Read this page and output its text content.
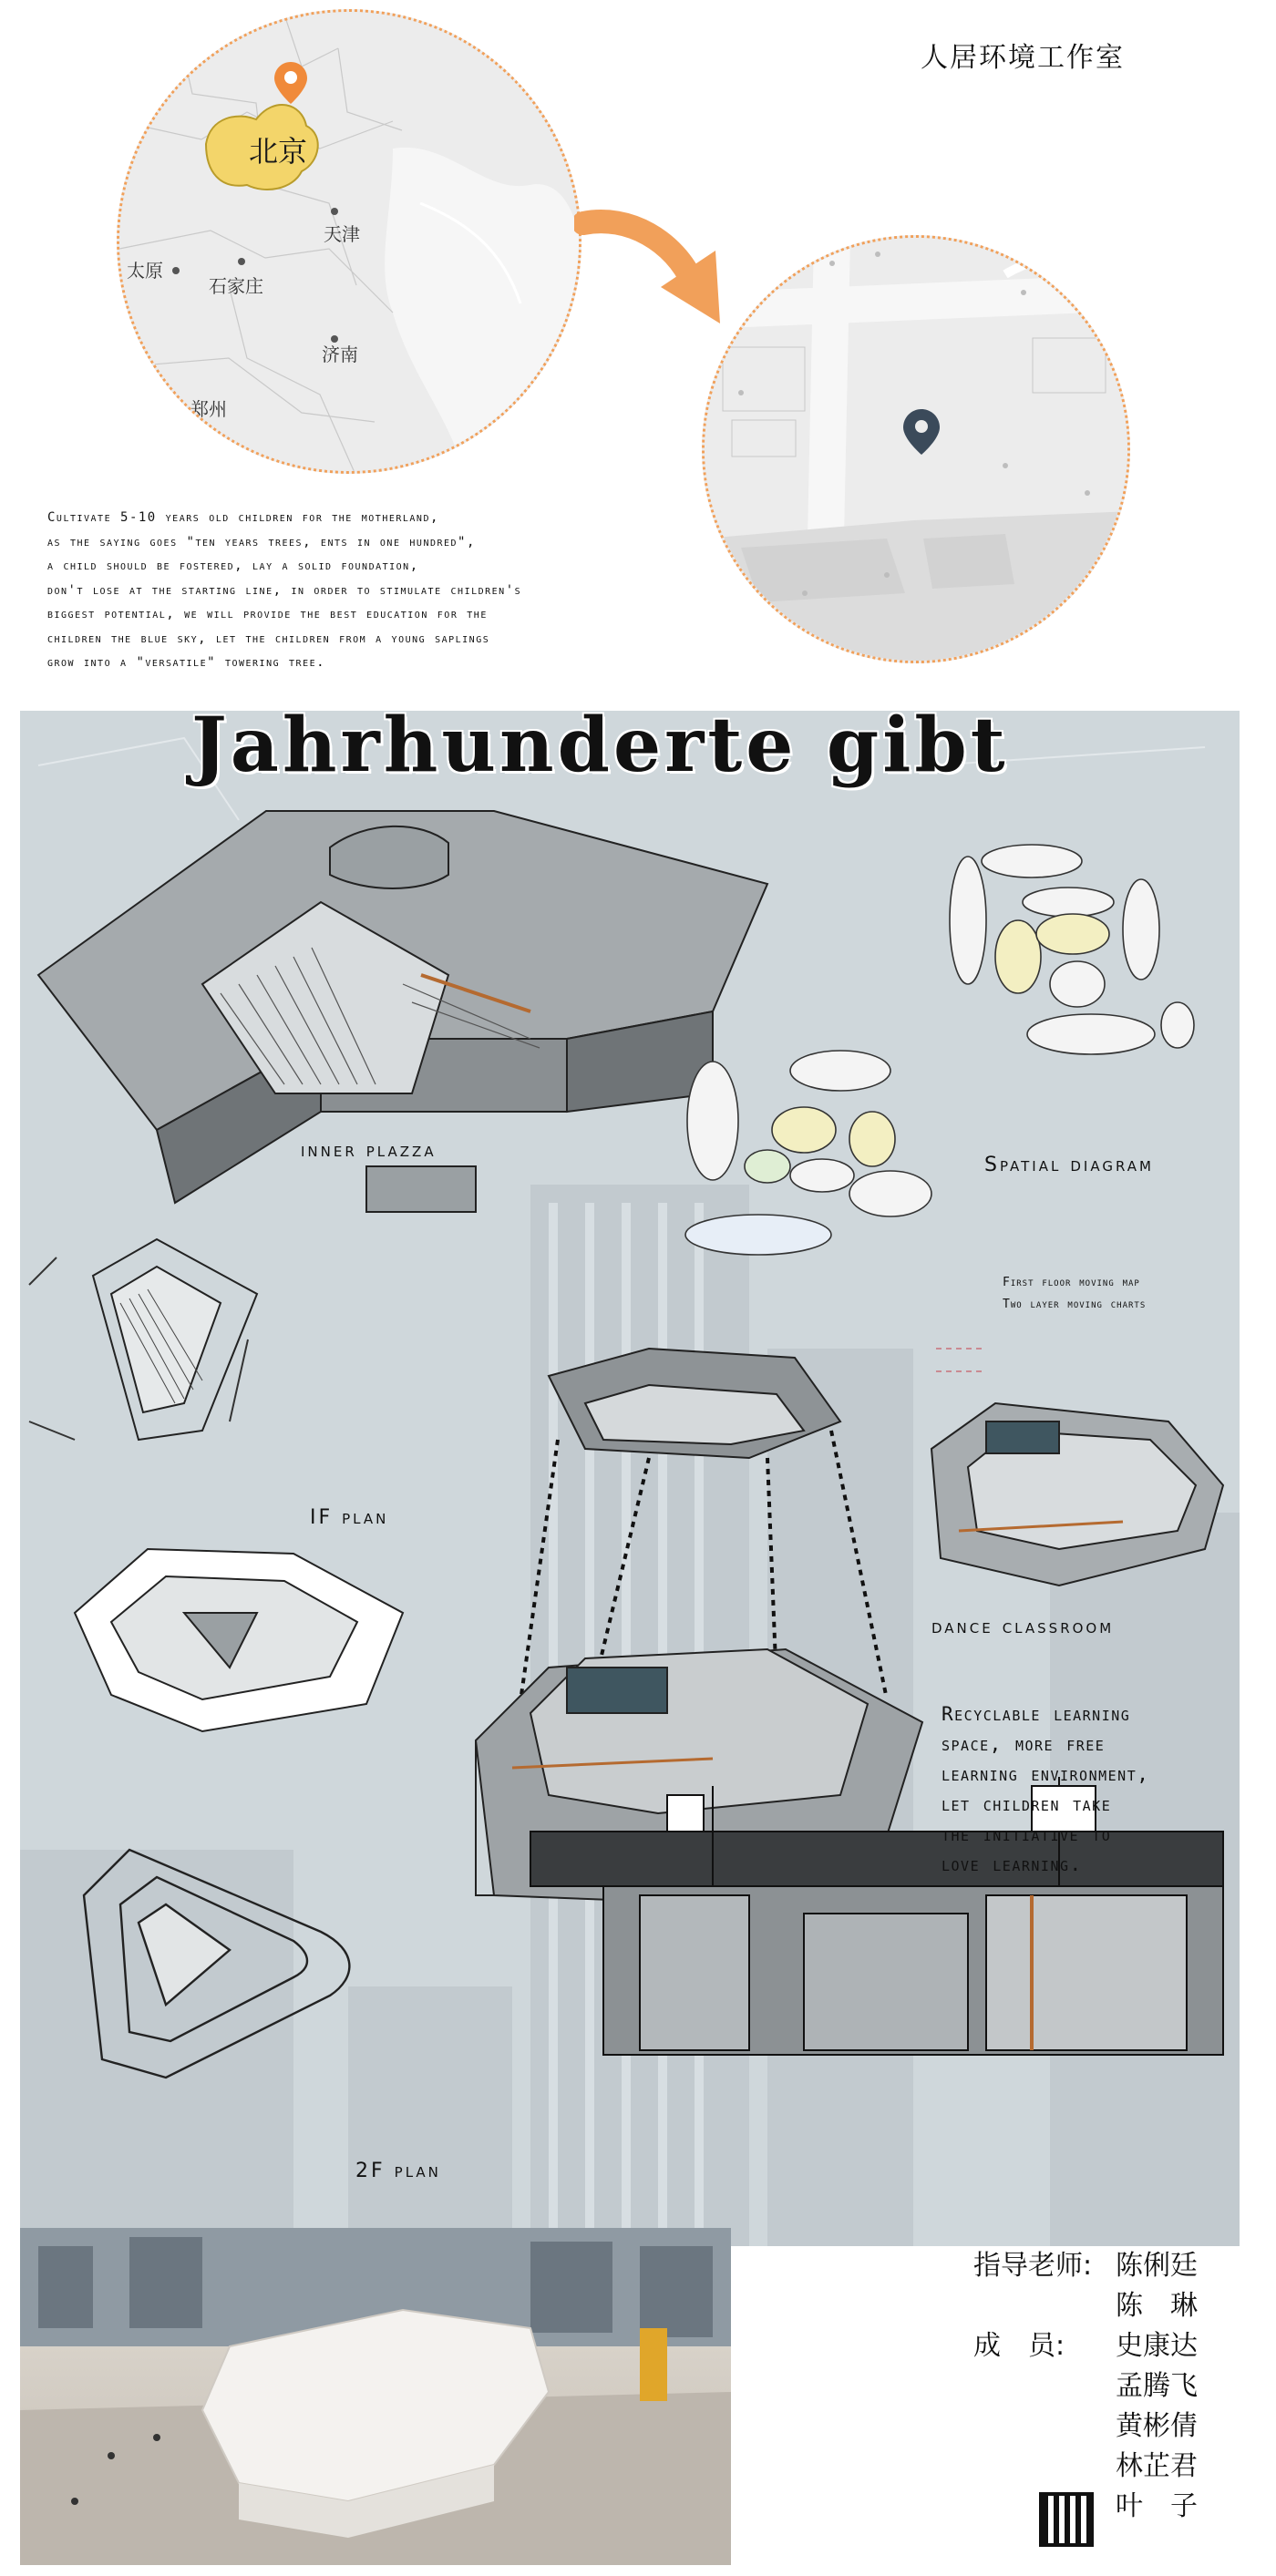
人居环境工作室
北京
天津
太原
石家庄
济南
郑州
Cultivate 5-10 years old children for the motherland,
as the saying goes "ten years trees, ents in one hundred",
a child should be fostered, lay a solid foundation,
don't lose at the starting line, in order to stimulate children's
biggest potential, we will provide the best education for the
children the blue sky, let the children from a young saplings
grow into a "versatile" towering tree.
Jahrhunderte gibt
inner plazza
Spatial diagram
First floor moving map
Two layer moving charts
IF plan
dance classroom
2F plan
Recyclable learning
space, more free
learning environment,
let children take
the initiative to
love learning.
指导老师: 陈俐廷
陈　琳
成　员: 史康达
孟腾飞
黄彬倩
林芷君
叶　子
